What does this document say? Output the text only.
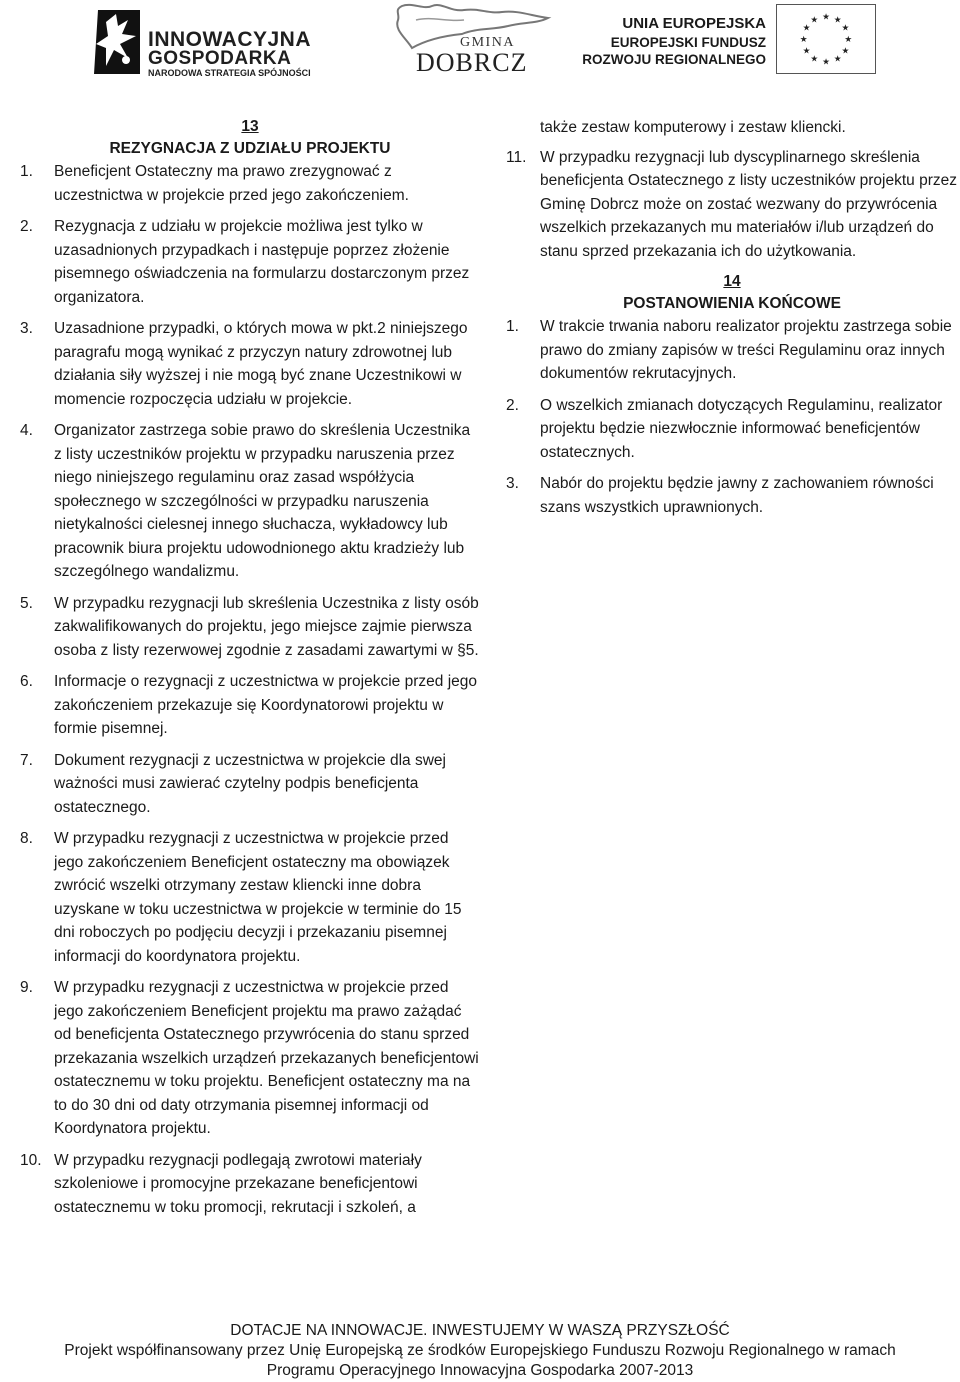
INNOWACYJNA
GOSPODARKA
NARODOWA STRATEGIA SPÓJNOŚCI
GMINA
DOBRCZ
UNIA EUROPEJSKA
EUROPEJSKI FUNDUSZ
ROZWOJU REGIONALNEGO
★ ★
★
★
★
★
★
★
★
★
★
★
13
REZYGNACJA Z UDZIAŁU PROJEKTU
1. Beneficjent Ostateczny ma prawo zrezygnować z uczestnictwa w projekcie przed jego zakończeniem.
2. Rezygnacja z udziału w projekcie możliwa jest tylko w uzasadnionych przypadkach i następuje poprzez złożenie pisemnego oświadczenia na formularzu dostarczonym przez organizatora.
3. Uzasadnione przypadki, o których mowa w pkt.2 niniejszego paragrafu mogą wynikać z przyczyn natury zdrowotnej lub działania siły wyższej i nie mogą być znane Uczestnikowi w momencie rozpoczęcia udziału w projekcie.
4. Organizator zastrzega sobie prawo do skreślenia Uczestnika z listy uczestników projektu w przypadku naruszenia przez niego niniejszego regulaminu oraz zasad współżycia społecznego w szczególności w przypadku naruszenia nietykalności cielesnej innego słuchacza, wykładowcy lub pracownik biura projektu udowodnionego aktu kradzieży lub szczególnego wandalizmu.
5. W przypadku rezygnacji lub skreślenia Uczestnika z listy osób zakwalifikowanych do projektu, jego miejsce zajmie pierwsza osoba z listy rezerwowej zgodnie z zasadami zawartymi w §5.
6. Informacje o rezygnacji z uczestnictwa w projekcie przed jego zakończeniem przekazuje się Koordynatorowi projektu w formie pisemnej.
7. Dokument rezygnacji z uczestnictwa w projekcie dla swej ważności musi zawierać czytelny podpis beneficjenta ostatecznego.
8. W przypadku rezygnacji z uczestnictwa w projekcie przed jego zakończeniem Beneficjent ostateczny ma obowiązek zwrócić wszelki otrzymany zestaw kliencki inne dobra uzyskane w toku uczestnictwa w projekcie w terminie do 15 dni roboczych po podjęciu decyzji i przekazaniu pisemnej informacji do koordynatora projektu.
9. W przypadku rezygnacji z uczestnictwa w projekcie przed jego zakończeniem Beneficjent projektu ma prawo zażądać od beneficjenta Ostatecznego przywrócenia do stanu sprzed przekazania wszelkich urządzeń przekazanych beneficjentowi ostatecznemu w toku projektu. Beneficjent ostateczny ma na to do 30 dni od daty otrzymania pisemnej informacji od Koordynatora projektu.
10. W przypadku rezygnacji podlegają zwrotowi materiały szkoleniowe i promocyjne przekazane beneficjentowi ostatecznemu w toku promocji, rekrutacji i szkoleń, a
także zestaw komputerowy i zestaw kliencki.
11. W przypadku rezygnacji lub dyscyplinarnego skreślenia beneficjenta Ostatecznego z listy uczestników projektu przez Gminę Dobrcz może on zostać wezwany do przywrócenia wszelkich przekazanych mu materiałów i/lub urządzeń do stanu sprzed przekazania ich do użytkowania.
14
POSTANOWIENIA KOŃCOWE
1. W trakcie trwania naboru realizator projektu zastrzega sobie prawo do zmiany zapisów w treści Regulaminu oraz innych dokumentów rekrutacyjnych.
2. O wszelkich zmianach dotyczących Regulaminu, realizator projektu będzie niezwłocznie informować beneficjentów ostatecznych.
3. Nabór do projektu będzie jawny z zachowaniem równości szans wszystkich uprawnionych.
DOTACJE NA INNOWACJE. INWESTUJEMY W WASZĄ PRZYSZŁOŚĆ
Projekt współfinansowany przez Unię Europejską ze środków Europejskiego Funduszu Rozwoju Regionalnego w ramach
Programu Operacyjnego Innowacyjna Gospodarka 2007-2013
